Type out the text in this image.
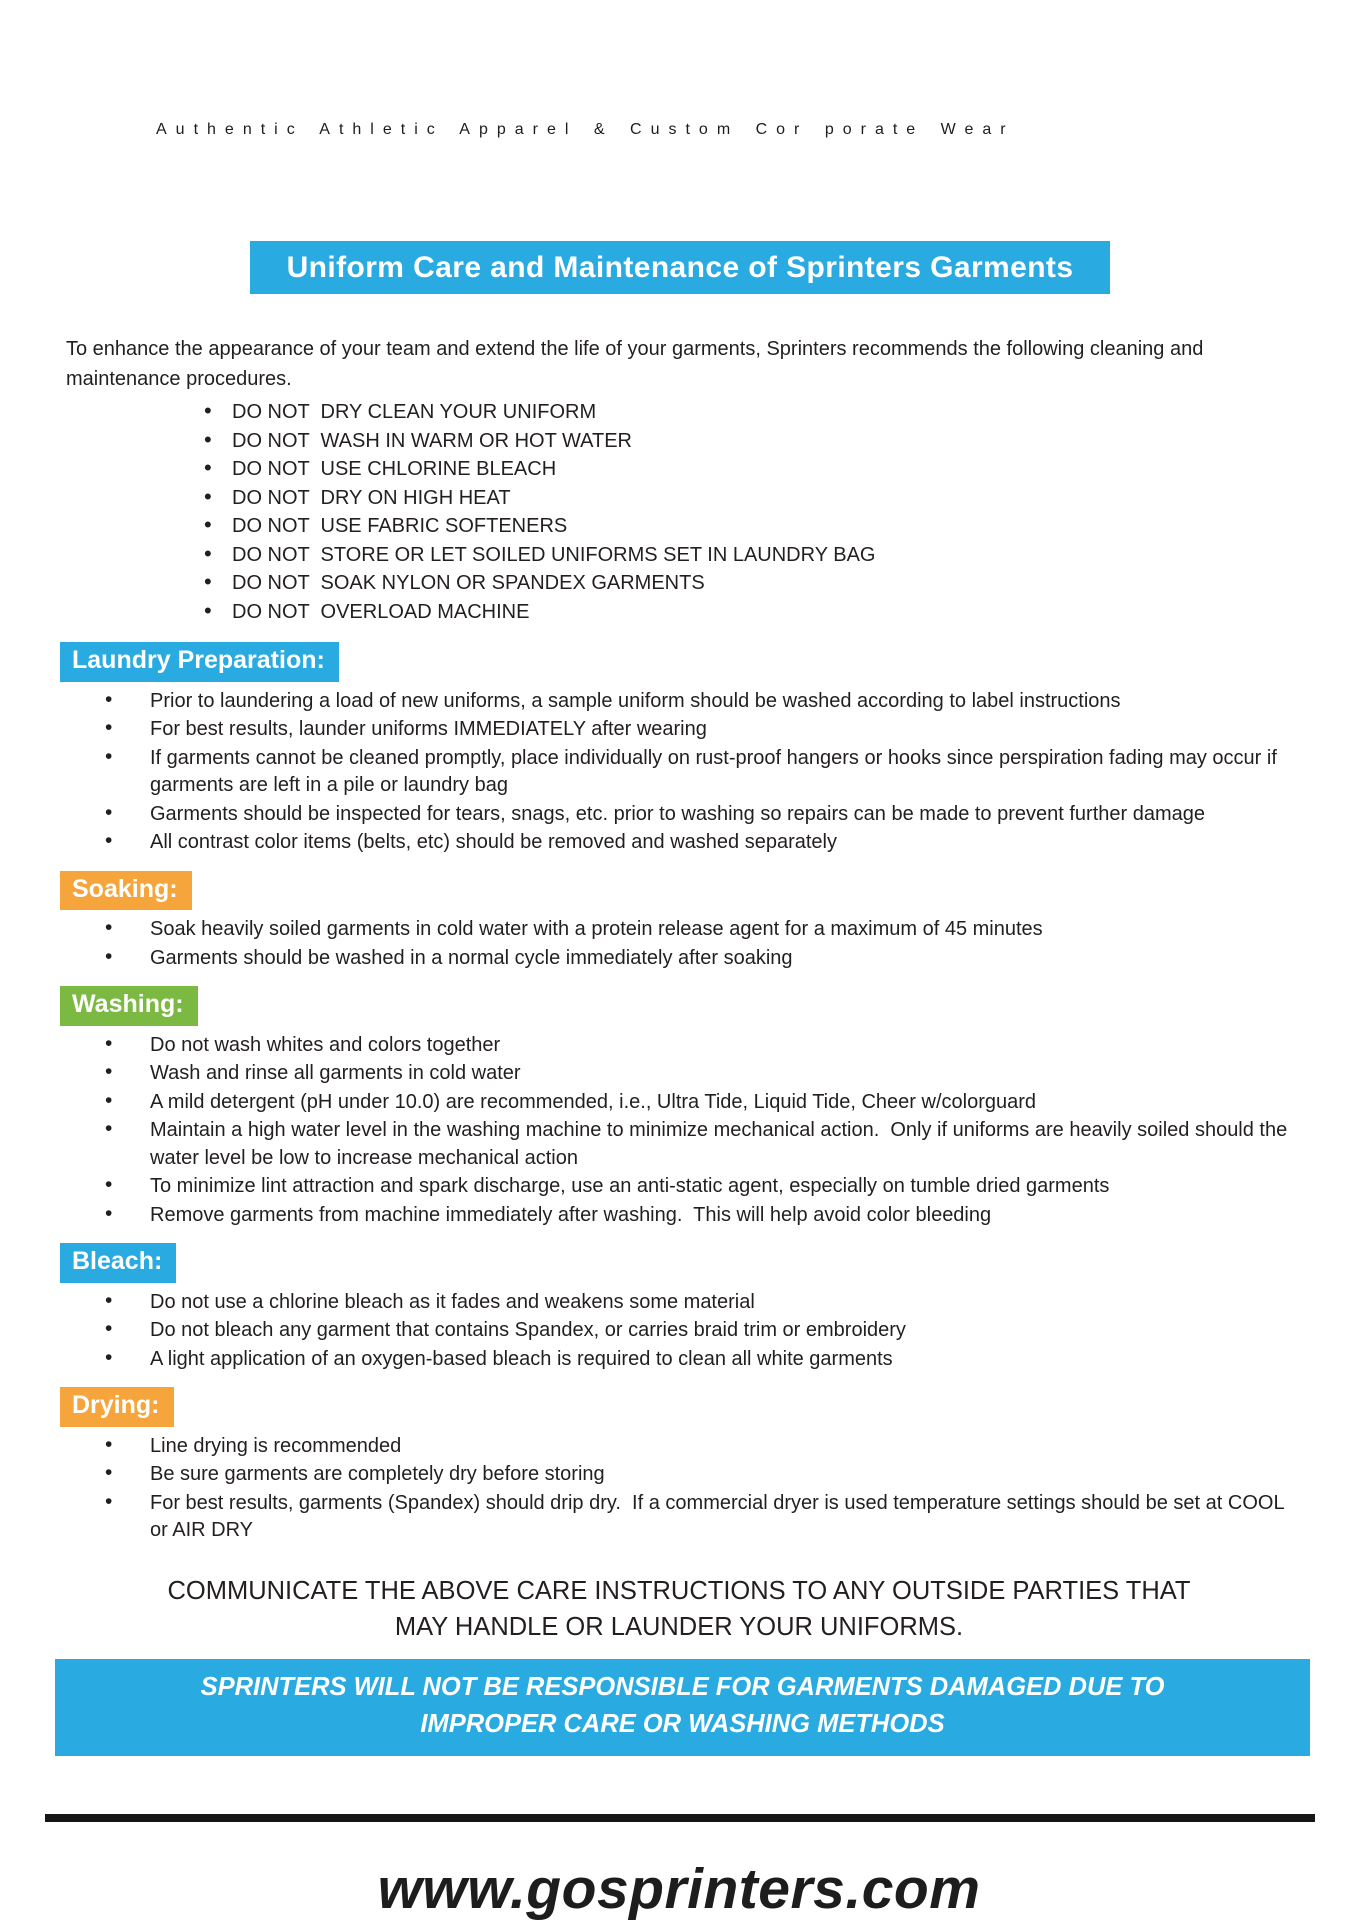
Authentic Athletic Apparel & Custom Cor porate Wear
Uniform Care and Maintenance of Sprinters Garments

To enhance the appearance of your team and extend the life of your garments, Sprinters recommends the following cleaning and maintenance procedures.

• DO NOT  DRY CLEAN YOUR UNIFORM
• DO NOT  WASH IN WARM OR HOT WATER
• DO NOT  USE CHLORINE BLEACH
• DO NOT  DRY ON HIGH HEAT
• DO NOT  USE FABRIC SOFTENERS
• DO NOT  STORE OR LET SOILED UNIFORMS SET IN LAUNDRY BAG
• DO NOT  SOAK NYLON OR SPANDEX GARMENTS
• DO NOT  OVERLOAD MACHINE
Laundry Preparation:
• Prior to laundering a load of new uniforms, a sample uniform should be washed according to label instructions
• For best results, launder uniforms IMMEDIATELY after wearing
• If garments cannot be cleaned promptly, place individually on rust-proof hangers or hooks since perspiration fading may occur if garments are left in a pile or laundry bag
• Garments should be inspected for tears, snags, etc. prior to washing so repairs can be made to prevent further damage
• All contrast color items (belts, etc) should be removed and washed separately
Soaking:
• Soak heavily soiled garments in cold water with a protein release agent for a maximum of 45 minutes
• Garments should be washed in a normal cycle immediately after soaking
Washing:
• Do not wash whites and colors together
• Wash and rinse all garments in cold water
• A mild detergent (pH under 10.0) are recommended, i.e., Ultra Tide, Liquid Tide, Cheer w/colorguard
• Maintain a high water level in the washing machine to minimize mechanical action.  Only if uniforms are heavily soiled should the water level be low to increase mechanical action
• To minimize lint attraction and spark discharge, use an anti-static agent, especially on tumble dried garments
• Remove garments from machine immediately after washing.  This will help avoid color bleeding
Bleach:
• Do not use a chlorine bleach as it fades and weakens some material
• Do not bleach any garment that contains Spandex, or carries braid trim or embroidery
• A light application of an oxygen-based bleach is required to clean all white garments
Drying:
• Line drying is recommended
• Be sure garments are completely dry before storing
• For best results, garments (Spandex) should drip dry.  If a commercial dryer is used temperature settings should be set at COOL or AIR DRY

COMMUNICATE THE ABOVE CARE INSTRUCTIONS TO ANY OUTSIDE PARTIES THAT
MAY HANDLE OR LAUNDER YOUR UNIFORMS.

SPRINTERS WILL NOT BE RESPONSIBLE FOR GARMENTS DAMAGED DUE TO
IMPROPER CARE OR WASHING METHODS
www.gosprinters.com
